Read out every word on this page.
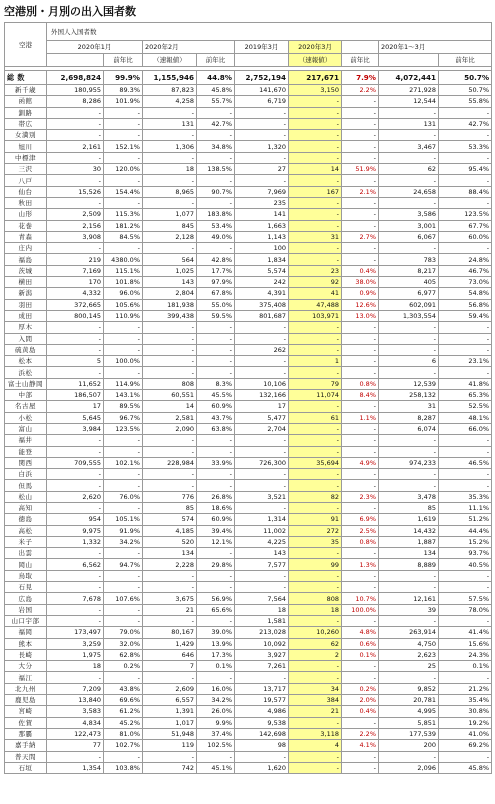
空港別・月別の出入国者数
空港	外国人入国者数								
	2020年1月		2020年2月		2019年3月	2020年3月		2020年1〜3月	
		前年比	（速報値）	前年比		（速報値）	前年比		前年比

総数	2,698,824	99.9%	1,155,946	44.8%	2,752,194	217,671	7.9%	4,072,441	50.7%
新千歳	180,955	89.3%	87,823	45.8%	141,670	3,150	2.2%	271,928	50.7%
函館	8,286	101.9%	4,258	55.7%	6,719	-	-	12,544	55.8%
釧路	-	-	-	-	-	-	-	-	-
帯広	-	-	131	42.7%	-	-	-	131	42.7%
女満別	-	-	-	-	-	-	-	-	-
旭川	2,161	152.1%	1,306	34.8%	1,320	-	-	3,467	53.3%
中標津	-	-	-	-	-	-	-	-	-
三沢	30	120.0%	18	138.5%	27	14	51.9%	62	95.4%
八戸	-	-	-	-	-	-	-	-	-
仙台	15,526	154.4%	8,965	90.7%	7,969	167	2.1%	24,658	88.4%
秋田	-	-	-	-	235	-	-	-	-
山形	2,509	115.3%	1,077	183.8%	141	-	-	3,586	123.5%
花巻	2,156	181.2%	845	53.4%	1,663	-	-	3,001	67.7%
青森	3,908	84.5%	2,128	49.0%	1,143	31	2.7%	6,067	60.0%
庄内	-	-	-	-	100	-	-	-	-
福島	219	4380.0%	564	42.8%	1,834	-	-	783	24.8%
茨城	7,169	115.1%	1,025	17.7%	5,574	23	0.4%	8,217	46.7%
横田	170	101.8%	143	97.9%	242	92	38.0%	405	73.0%
新潟	4,332	96.0%	2,804	67.8%	4,391	41	0.9%	6,977	54.8%
羽田	372,665	105.6%	181,938	55.0%	375,408	47,488	12.6%	602,091	56.8%
成田	800,145	110.9%	399,438	59.5%	801,687	103,971	13.0%	1,303,554	59.4%
厚木	-	-	-	-	-	-	-	-	-
入間	-	-	-	-	-	-	-	-	-
硫黄島	-	-	-	-	262	-	-	-	-
松本	5	100.0%	-	-	-	1	-	6	23.1%
浜松	-	-	-	-	-	-	-	-	-
富士山静岡	11,652	114.9%	808	8.3%	10,106	79	0.8%	12,539	41.8%
中部	186,507	143.1%	60,551	45.5%	132,166	11,074	8.4%	258,132	65.3%
名古屋	17	89.5%	14	60.9%	17	-	-	31	52.5%
小松	5,645	96.7%	2,581	43.7%	5,477	61	1.1%	8,287	48.1%
富山	3,984	123.5%	2,090	63.8%	2,704	-	-	6,074	66.0%
福井	-	-	-	-	-	-	-	-	-
能登	-	-	-	-	-	-	-	-	-
関西	709,555	102.1%	228,984	33.9%	726,300	35,694	4.9%	974,233	46.5%
白浜	-	-	-	-	-	-	-	-	-
但馬	-	-	-	-	-	-	-	-	-
松山	2,620	76.0%	776	26.8%	3,521	82	2.3%	3,478	35.3%
高知	-	-	85	18.6%	-	-	-	85	11.1%
徳島	954	105.1%	574	60.9%	1,314	91	6.9%	1,619	51.2%
高松	9,975	91.9%	4,185	39.4%	11,002	272	2.5%	14,432	44.4%
米子	1,332	34.2%	520	12.1%	4,225	35	0.8%	1,887	15.2%
出雲	-	-	134	-	143	-	-	134	93.7%
岡山	6,562	94.7%	2,228	29.8%	7,577	99	1.3%	8,889	40.5%
鳥取	-	-	-	-	-	-	-	-	-
石見	-	-	-	-	-	-	-	-	-
広島	7,678	107.6%	3,675	56.9%	7,564	808	10.7%	12,161	57.5%
岩国	-	-	21	65.6%	18	18	100.0%	39	78.0%
山口宇部	-	-	-	-	1,581	-	-	-	-
福岡	173,497	79.0%	80,167	39.0%	213,028	10,260	4.8%	263,914	41.4%
熊本	3,259	32.0%	1,429	13.9%	10,092	62	0.6%	4,750	15.6%
長崎	1,975	62.8%	646	17.3%	3,927	2	0.1%	2,623	24.3%
大分	18	0.2%	7	0.1%	7,261	-	-	25	0.1%
福江	-	-	-	-	-	-	-	-	-
北九州	7,209	43.8%	2,609	16.0%	13,717	34	0.2%	9,852	21.2%
鹿児島	13,840	69.6%	6,557	34.2%	19,577	384	2.0%	20,781	35.4%
宮崎	3,583	61.2%	1,391	26.0%	4,986	21	0.4%	4,995	30.8%
佐賀	4,834	45.2%	1,017	9.9%	9,538	-	-	5,851	19.2%
那覇	122,473	81.0%	51,948	37.4%	142,698	3,118	2.2%	177,539	41.0%
嘉手納	77	102.7%	119	102.5%	98	4	4.1%	200	69.2%
普天間	-	-	-	-	-	-	-	-	-
石垣	1,354	103.8%	742	45.1%	1,620	-	-	2,096	45.8%
